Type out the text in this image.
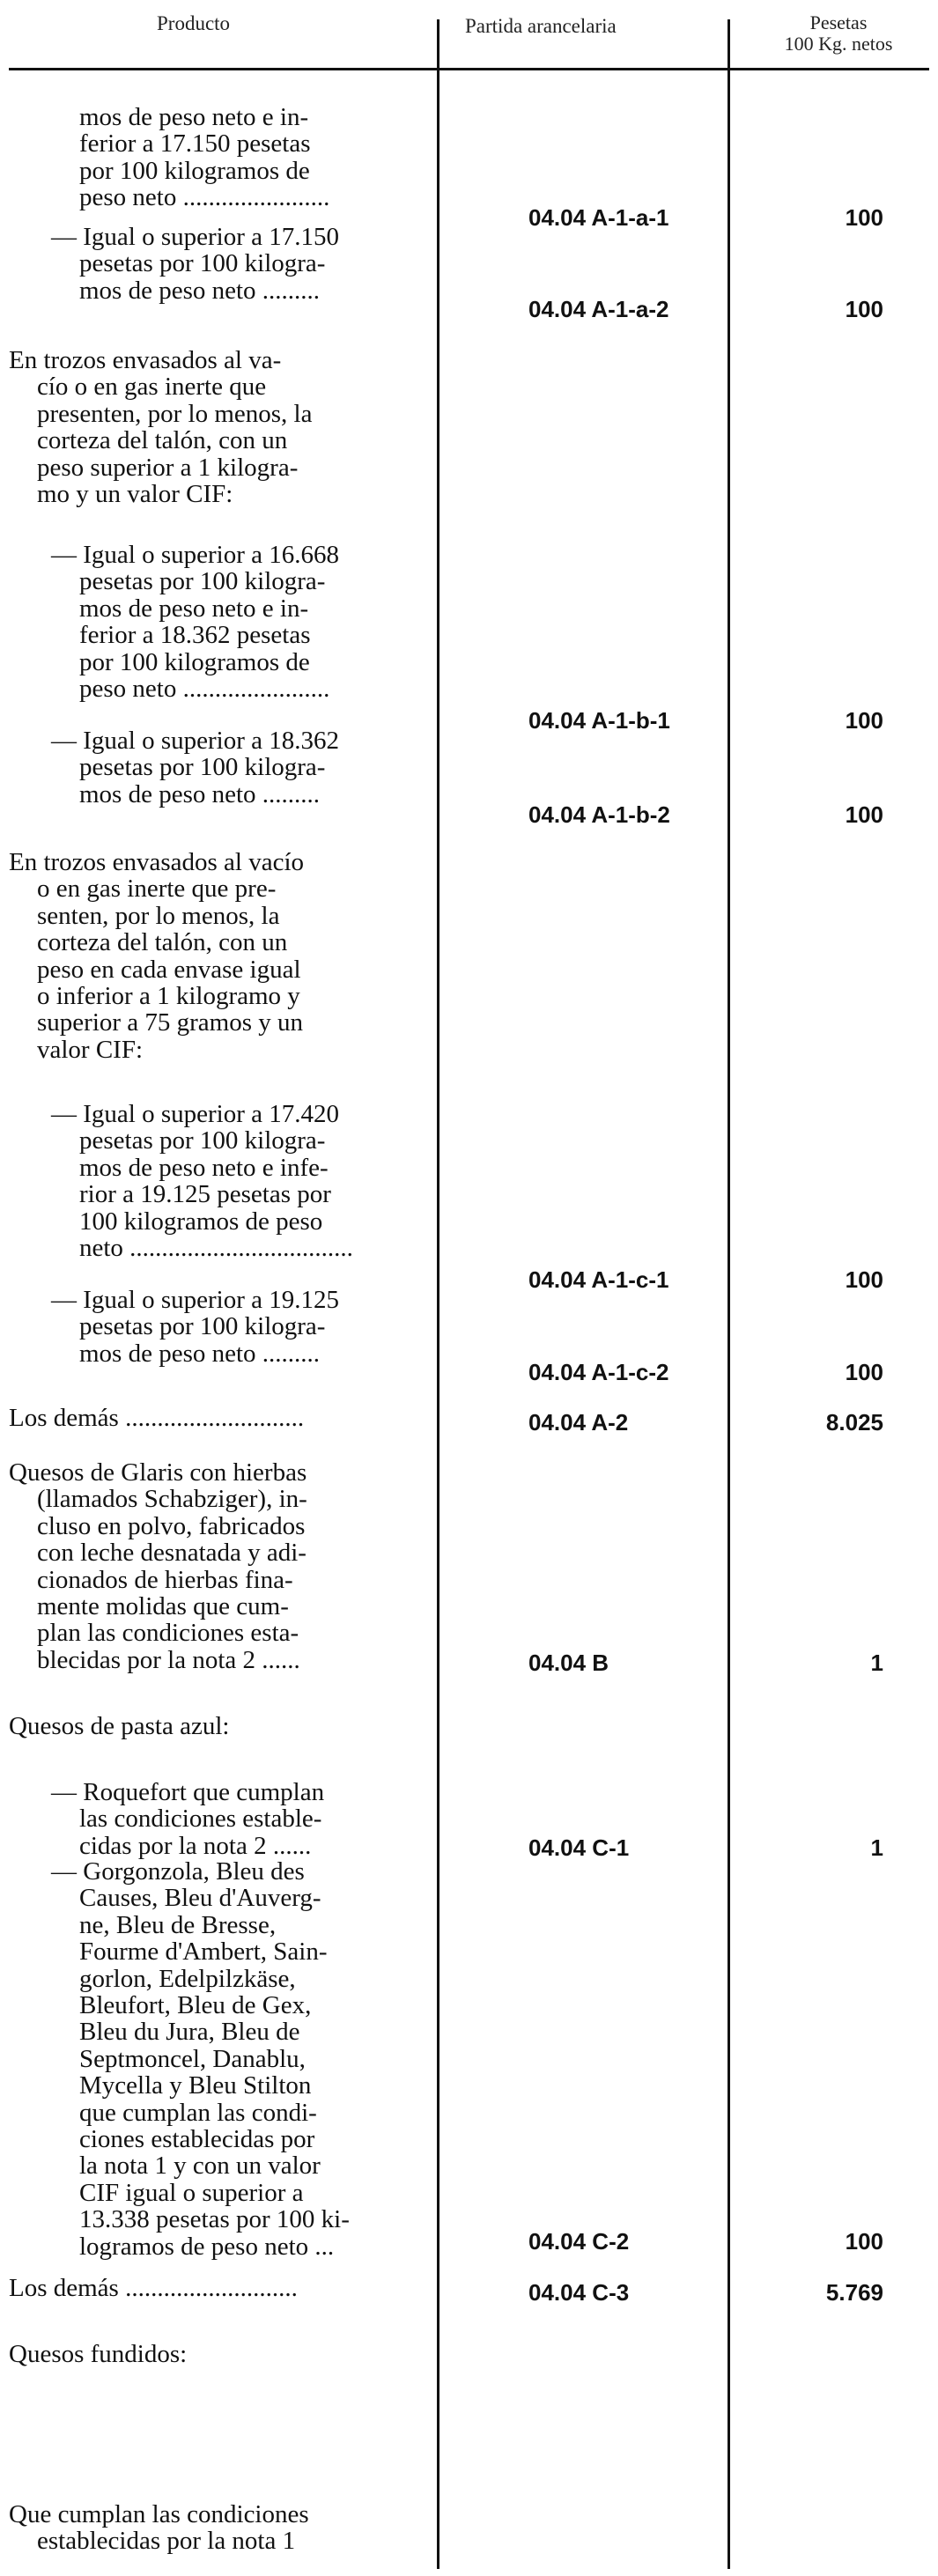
Producto	Partida arancelaria	Pesetas
100 Kg. netos
mos de peso neto e in-
ferior a 17.150 pesetas
por 100 kilogramos de
peso neto .......................
04.04 A-1-a-1	100
— Igual o superior a 17.150
pesetas por 100 kilogra-
mos de peso neto .........
04.04 A-1-a-2	100
En trozos envasados al va-
cío o en gas inerte que
presenten, por lo menos, la
corteza del talón, con un
peso superior a 1 kilogra-
mo y un valor CIF:
— Igual o superior a 16.668
pesetas por 100 kilogra-
mos de peso neto e in-
ferior a 18.362 pesetas
por 100 kilogramos de
peso neto .......................
04.04 A-1-b-1	100
— Igual o superior a 18.362
pesetas por 100 kilogra-
mos de peso neto .........
04.04 A-1-b-2	100
En trozos envasados al vacío
o en gas inerte que pre-
senten, por lo menos, la
corteza del talón, con un
peso en cada envase igual
o inferior a 1 kilogramo y
superior a 75 gramos y un
valor CIF:
— Igual o superior a 17.420
pesetas por 100 kilogra-
mos de peso neto e infe-
rior a 19.125 pesetas por
100 kilogramos de peso
neto ...................................
04.04 A-1-c-1	100
— Igual o superior a 19.125
pesetas por 100 kilogra-
mos de peso neto .........
04.04 A-1-c-2	100
Los demás ............................	04.04 A-2	8.025
Quesos de Glaris con hierbas
(llamados Schabziger), in-
cluso en polvo, fabricados
con leche desnatada y adi-
cionados de hierbas fina-
mente molidas que cum-
plan las condiciones esta-
blecidas por la nota 2 ......	04.04 B	1
Quesos de pasta azul:
— Roquefort que cumplan
las condiciones estable-
cidas por la nota 2 ......	04.04 C-1	1
— Gorgonzola, Bleu des
Causes, Bleu d'Auverg-
ne, Bleu de Bresse,
Fourme d'Ambert, Sain-
gorlon, Edelpilzkäse,
Bleufort, Bleu de Gex,
Bleu du Jura, Bleu de
Septmoncel, Danablu,
Mycella y Bleu Stilton
que cumplan las condi-
ciones establecidas por
la nota 1 y con un valor
CIF igual o superior a
13.338 pesetas por 100 ki-
logramos de peso neto ...	04.04 C-2	100
Los demás ...........................	04.04 C-3	5.769
Quesos fundidos:
Que cumplan las condiciones
establecidas por la nota 1
